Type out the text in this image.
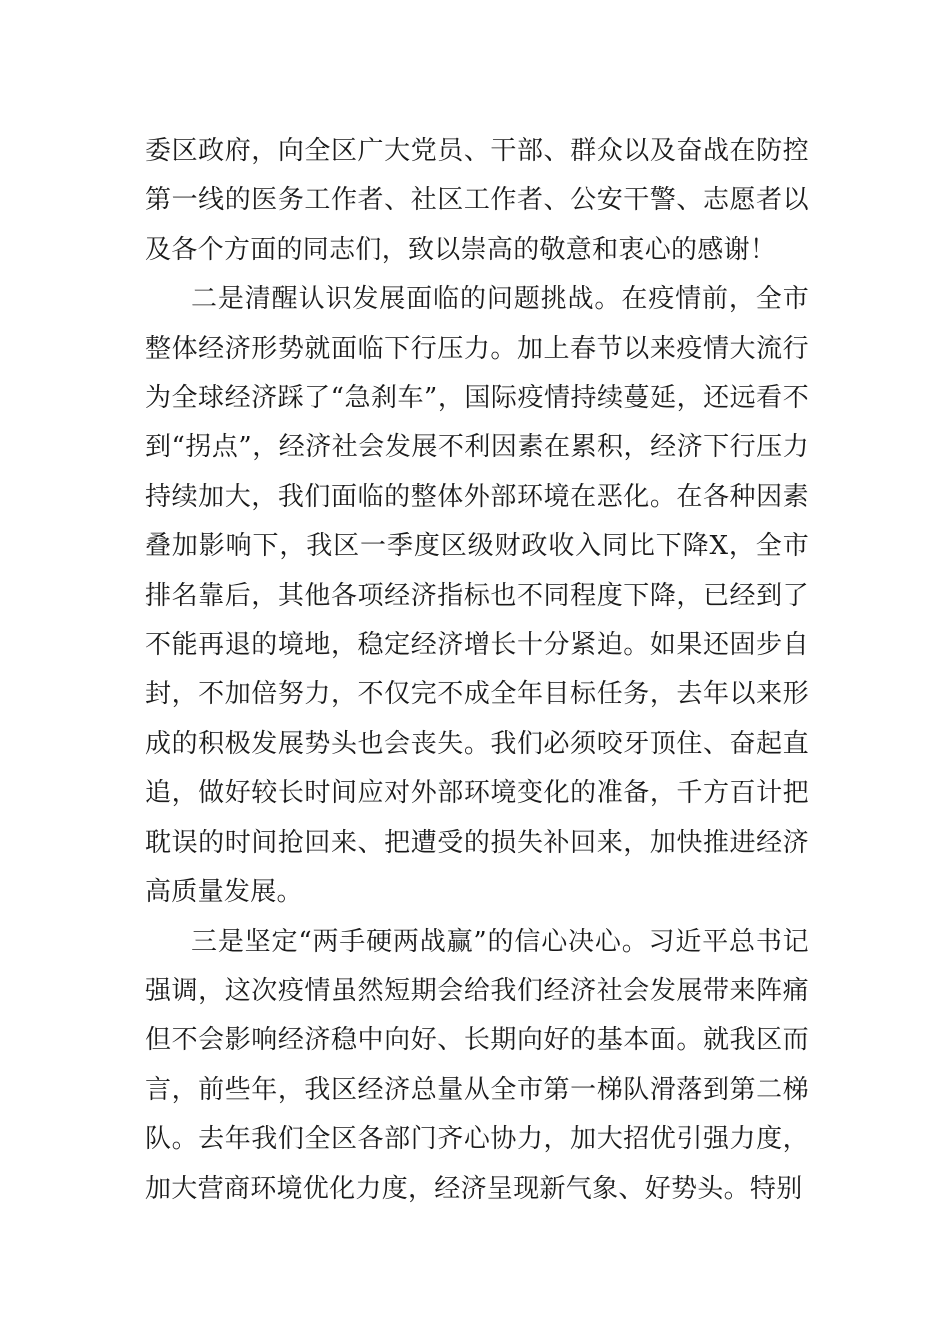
委区政府，向全区广大党员、干部、群众以及奋战在防控第一线的医务工作者、社区工作者、公安干警、志愿者以及各个方面的同志们，致以崇高的敬意和衷心的感谢！

二是清醒认识发展面临的问题挑战。在疫情前，全市整体经济形势就面临下行压力。加上春节以来疫情大流行为全球经济踩了“急刹车”，国际疫情持续蔓延，还远看不到“拐点”，经济社会发展不利因素在累积，经济下行压力持续加大，我们面临的整体外部环境在恶化。在各种因素叠加影响下，我区一季度区级财政收入同比下降X，全市排名靠后，其他各项经济指标也不同程度下降，已经到了不能再退的境地，稳定经济增长十分紧迫。如果还固步自封，不加倍努力，不仅完不成全年目标任务，去年以来形成的积极发展势头也会丧失。我们必须咬牙顶住、奋起直追，做好较长时间应对外部环境变化的准备，千方百计把耽误的时间抢回来、把遭受的损失补回来，加快推进经济高质量发展。

三是坚定“两手硬两战赢”的信心决心。习近平总书记强调，这次疫情虽然短期会给我们经济社会发展带来阵痛但不会影响经济稳中向好、长期向好的基本面。就我区而言，前些年，我区经济总量从全市第一梯队滑落到第二梯队。去年我们全区各部门齐心协力，加大招优引强力度，加大营商环境优化力度，经济呈现新气象、好势头。特别
